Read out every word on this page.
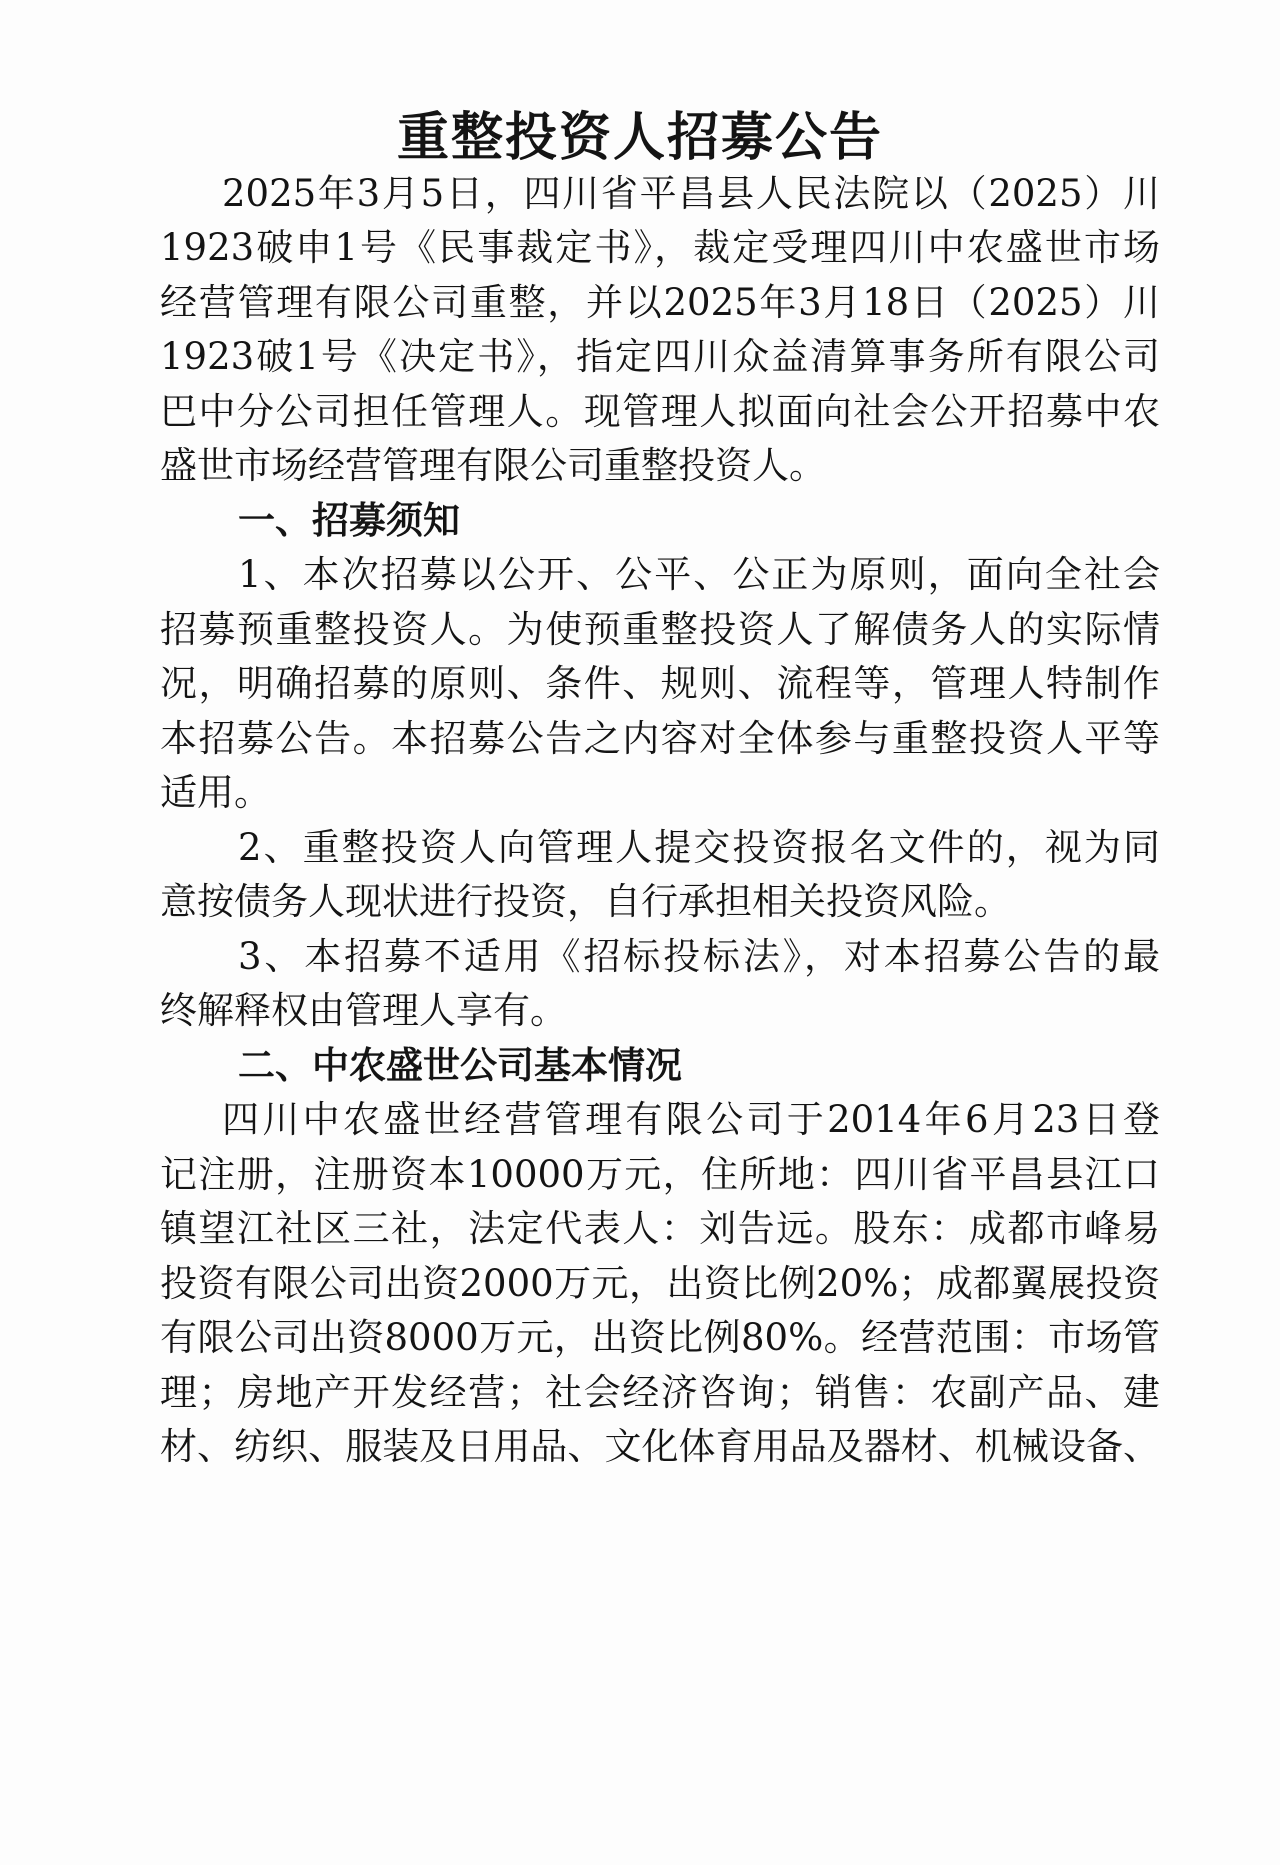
重整投资人招募公告

2025年3月5日，四川省平昌县人民法院以（2025）川

1923破申1号《民事裁定书》，裁定受理四川中农盛世市场

经营管理有限公司重整，并以2025年3月18日（2025）川

1923破1号《决定书》，指定四川众益清算事务所有限公司

巴中分公司担任管理人。现管理人拟面向社会公开招募中农

盛世市场经营管理有限公司重整投资人。

一、招募须知

1、本次招募以公开、公平、公正为原则，面向全社会

招募预重整投资人。为使预重整投资人了解债务人的实际情

况，明确招募的原则、条件、规则、流程等，管理人特制作

本招募公告。本招募公告之内容对全体参与重整投资人平等

适用。

2、重整投资人向管理人提交投资报名文件的，视为同

意按债务人现状进行投资，自行承担相关投资风险。

3、本招募不适用《招标投标法》，对本招募公告的最

终解释权由管理人享有。

二、中农盛世公司基本情况

四川中农盛世经营管理有限公司于2014年6月23日登

记注册，注册资本10000万元，住所地：四川省平昌县江口

镇望江社区三社，法定代表人：刘告远。股东：成都市峰易

投资有限公司出资2000万元，出资比例20%；成都翼展投资

有限公司出资8000万元，出资比例80%。经营范围：市场管

理；房地产开发经营；社会经济咨询；销售：农副产品、建

材、纺织、服装及日用品、文化体育用品及器材、机械设备、
